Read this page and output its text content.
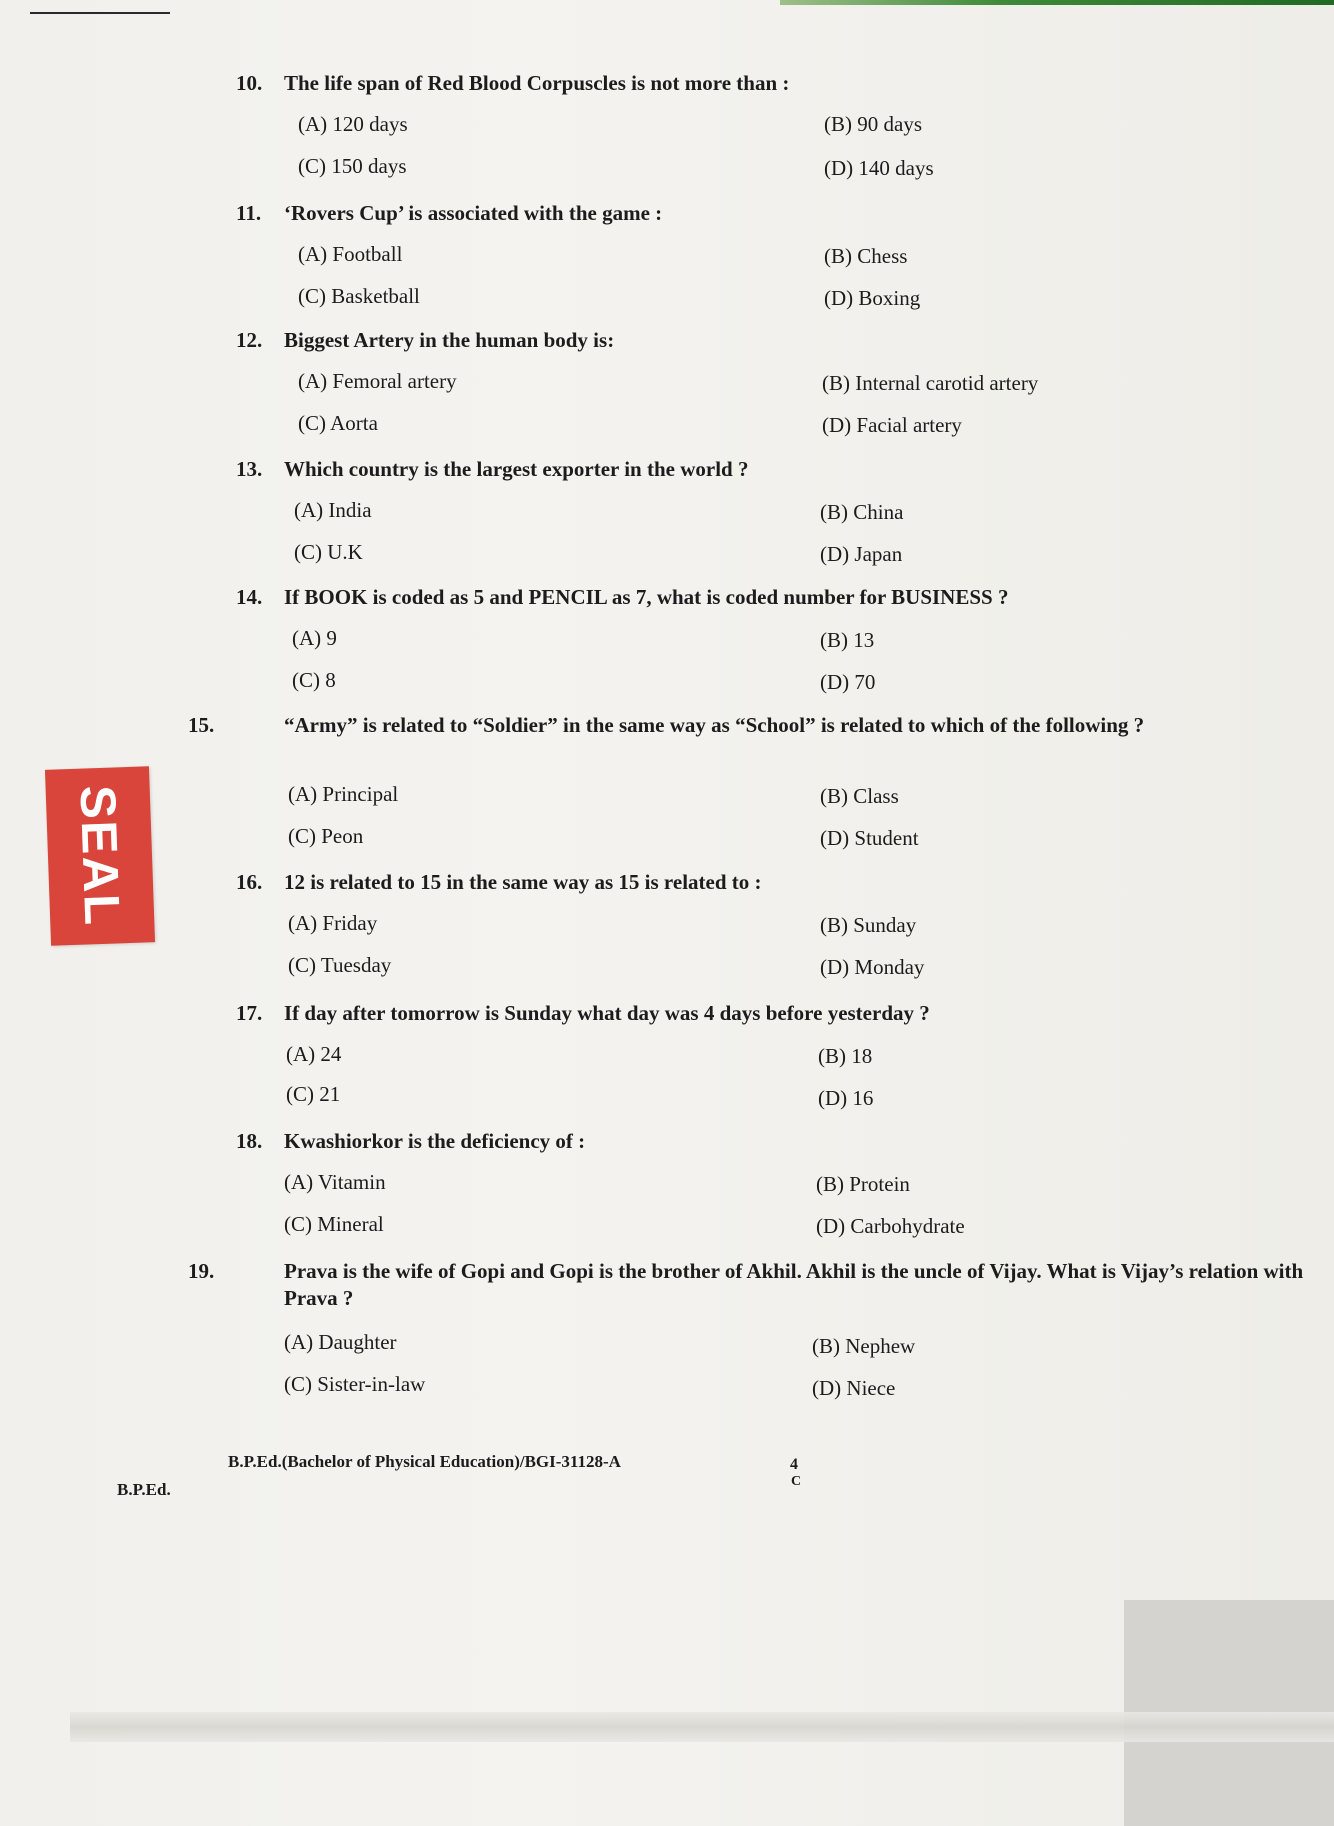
SEAL
10. The life span of Red Blood Corpuscles is not more than :
(A) 120 days	(B) 90 days
(C) 150 days	(D) 140 days
11. ‘Rovers Cup’ is associated with the game :
(A) Football	(B) Chess
(C) Basketball	(D) Boxing
12. Biggest Artery in the human body is:
(A) Femoral artery	(B) Internal carotid artery
(C) Aorta	(D) Facial artery
13. Which country is the largest exporter in the world ?
(A) India	(B) China
(C) U.K	(D) Japan
14. If BOOK is coded as 5 and PENCIL as 7, what is coded number for BUSINESS ?
(A) 9	(B) 13
(C) 8	(D) 70
15.	“Army” is related to “Soldier” in the same way as “School” is related to which of the following ?
(A) Principal	(B) Class
(C) Peon	(D) Student
16. 12 is related to 15 in the same way as 15 is related to :
(A) Friday	(B) Sunday
(C) Tuesday	(D) Monday
17. If day after tomorrow is Sunday what day was 4 days before yesterday ?
(A) 24	(B) 18
(C) 21	(D) 16
18. Kwashiorkor is the deficiency of :
(A) Vitamin	(B) Protein
(C) Mineral	(D) Carbohydrate
19.	Prava is the wife of Gopi and Gopi is the brother of Akhil. Akhil is the uncle of Vijay. What is Vijay’s relation with Prava ?
(A) Daughter	(B) Nephew
(C) Sister-in-law	(D) Niece
B.P.Ed.(Bachelor of Physical Education)/BGI-31128-A	4
C
B.P.Ed.
